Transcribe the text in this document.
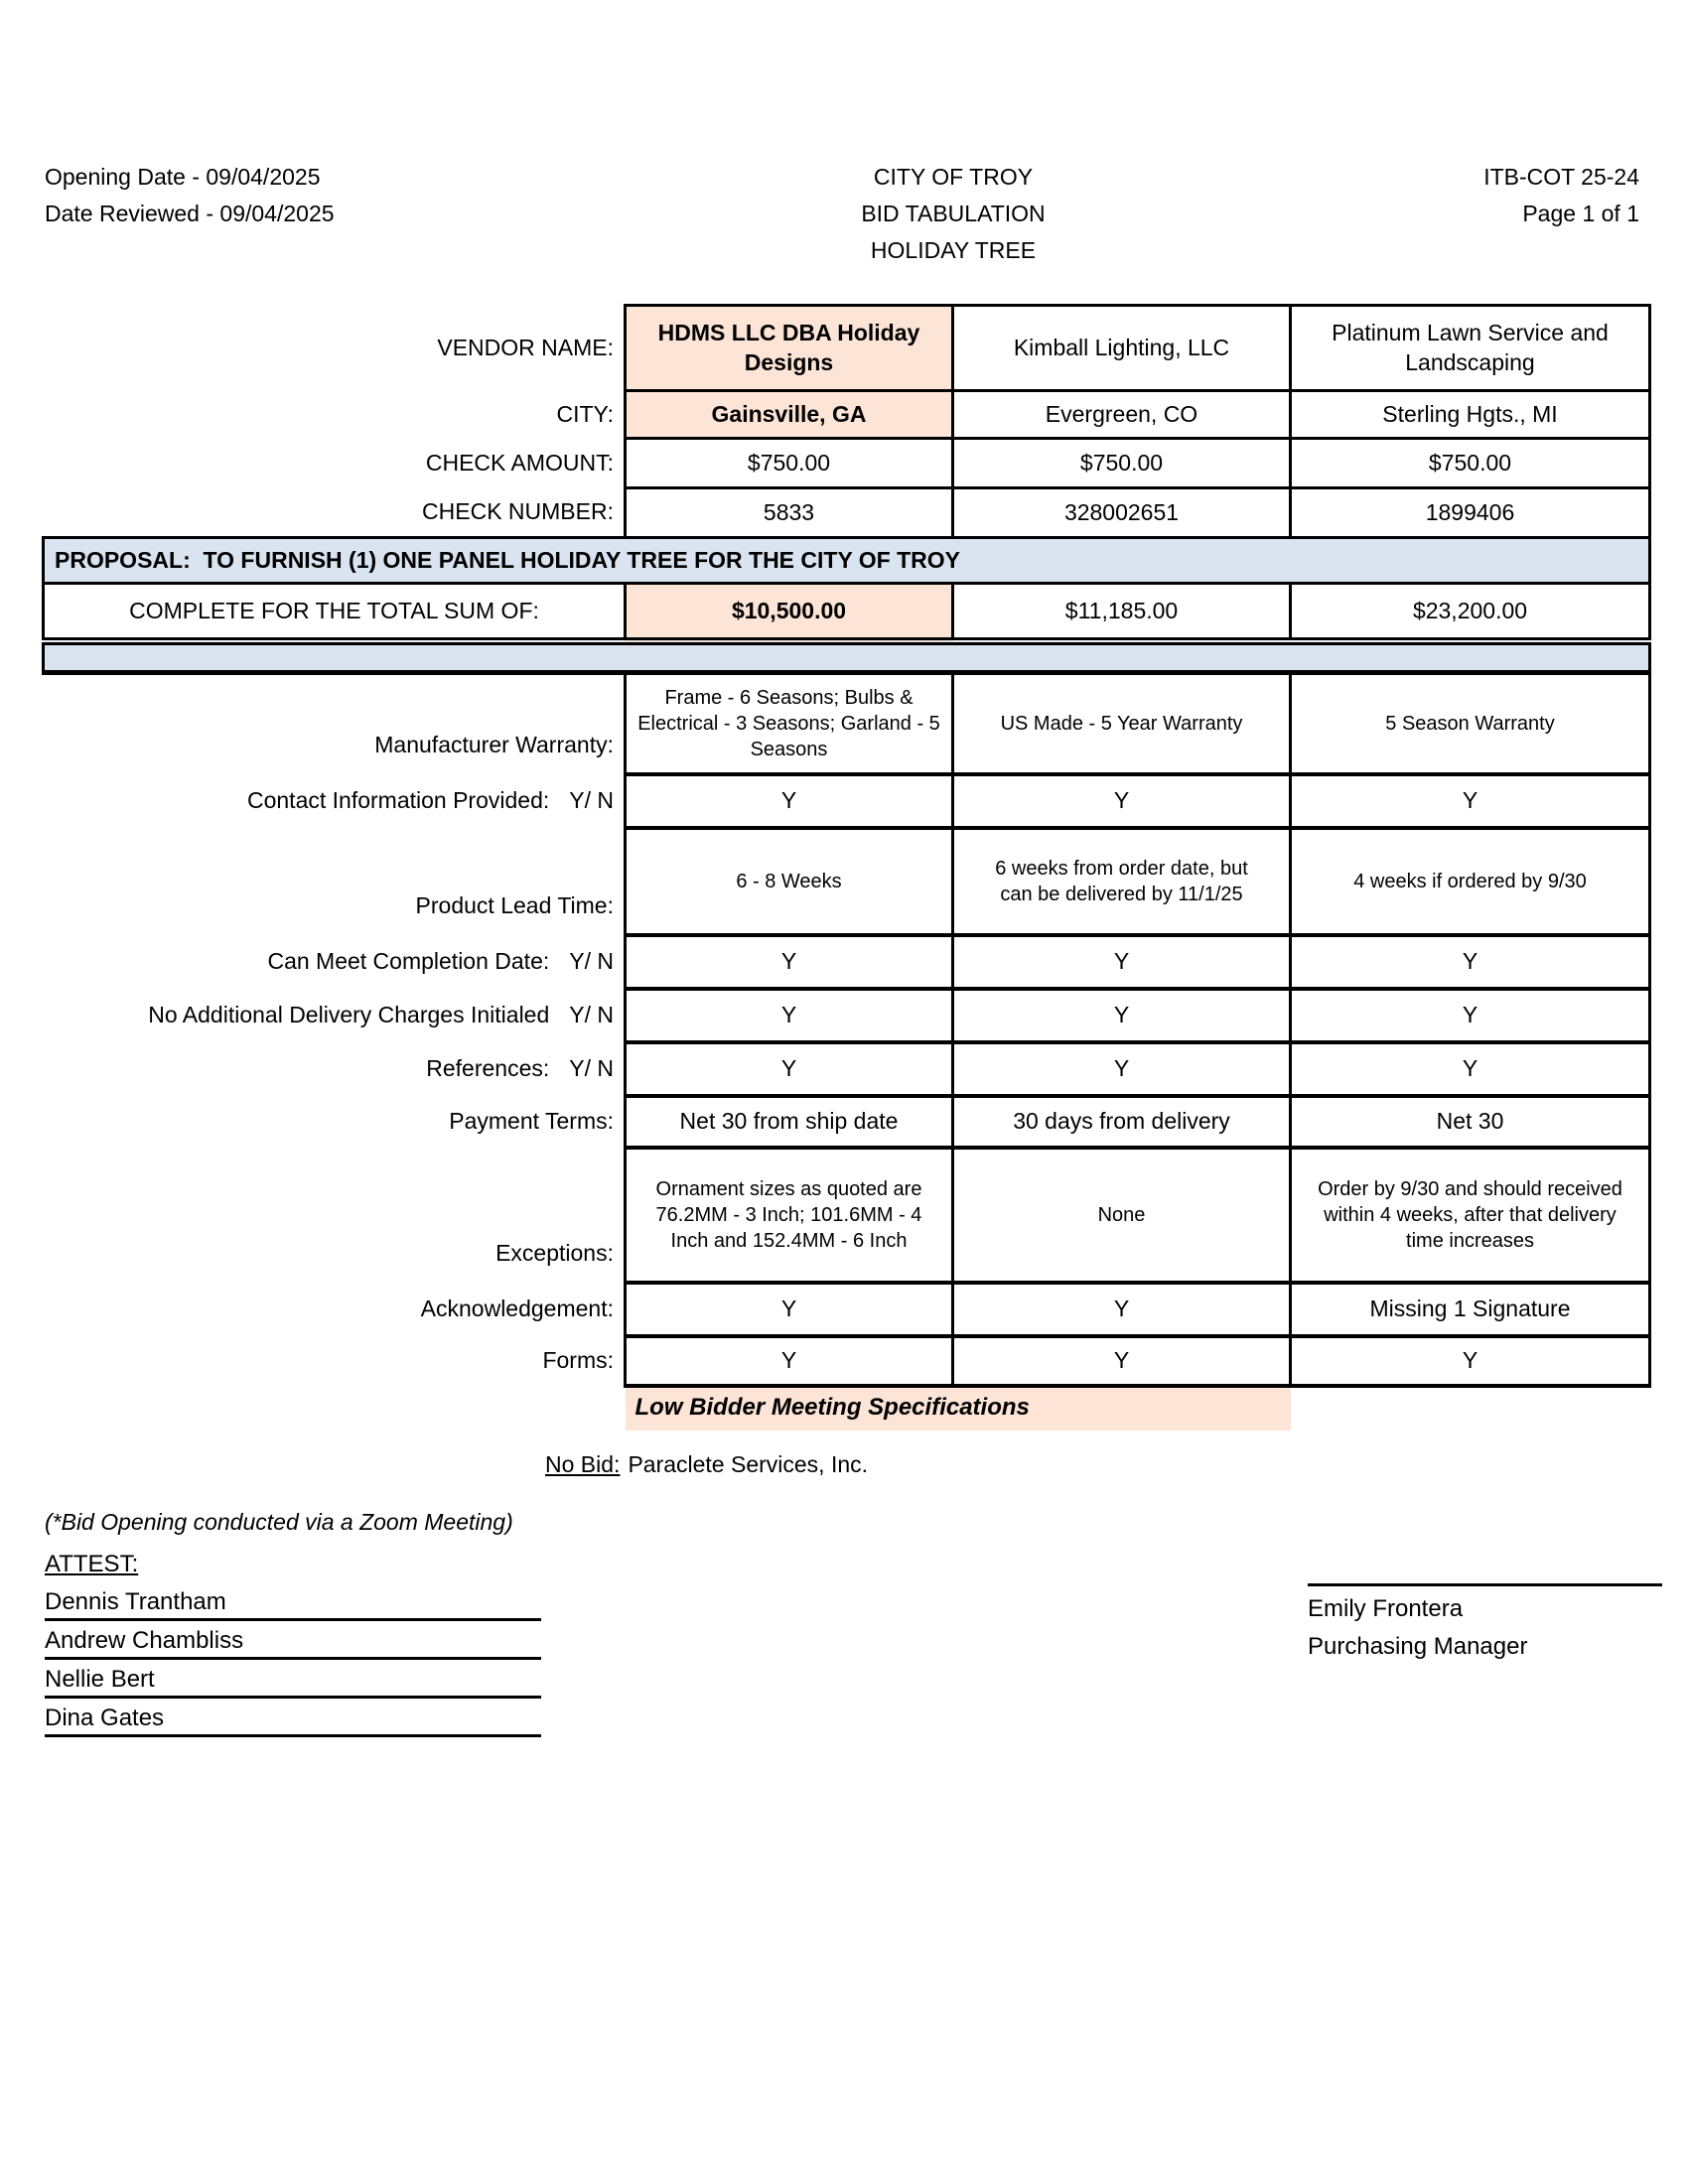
Opening Date - 09/04/2025
Date Reviewed - 09/04/2025
CITY OF TROY
BID TABULATION
HOLIDAY TREE
ITB-COT 25-24
Page 1 of 1
VENDOR NAME:	HDMS LLC DBA Holiday Designs	Kimball Lighting, LLC	Platinum Lawn Service and Landscaping
CITY:	Gainsville, GA	Evergreen, CO	Sterling Hgts., MI
CHECK AMOUNT:	$750.00	$750.00	$750.00
CHECK NUMBER:	5833	328002651	1899406
PROPOSAL:  TO FURNISH (1) ONE PANEL HOLIDAY TREE FOR THE CITY OF TROY			
COMPLETE FOR THE TOTAL SUM OF:	$10,500.00	$11,185.00	$23,200.00

Manufacturer Warranty:	Frame - 6 Seasons; Bulbs & Electrical - 3 Seasons; Garland - 5 Seasons	US Made - 5 Year Warranty	5 Season Warranty
Contact Information Provided: Y/ N	Y	Y	Y
Product Lead Time:	6 - 8 Weeks	6 weeks from order date, but can be delivered by 11/1/25	4 weeks if ordered by 9/30
Can Meet Completion Date: Y/ N	Y	Y	Y
No Additional Delivery Charges Initialed Y/ N	Y	Y	Y
References: Y/ N	Y	Y	Y
Payment Terms:	Net 30 from ship date	30 days from delivery	Net 30
Exceptions:	Ornament sizes as quoted are 76.2MM - 3 Inch; 101.6MM - 4 Inch and 152.4MM - 6 Inch	None	Order by 9/30 and should received within 4 weeks, after that delivery time increases
Acknowledgement:	Y	Y	Missing 1 Signature
Forms:	Y	Y	Y
	Low Bidder Meeting Specifications		
No Bid: Paraclete Services, Inc.
(*Bid Opening conducted via a Zoom Meeting)
ATTEST:
Dennis Trantham
Andrew Chambliss
Nellie Bert
Dina Gates
Emily Frontera
Purchasing Manager
